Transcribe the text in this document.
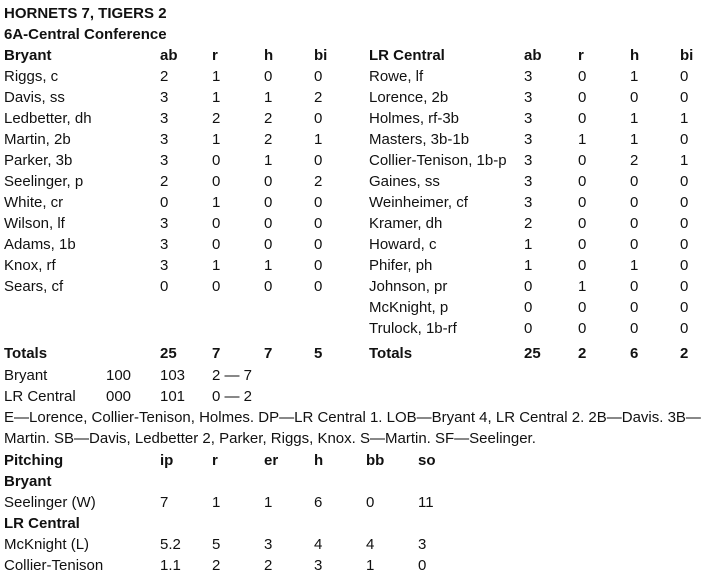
HORNETS 7, TIGERS 2
6A-Central Conference
Bryant	ab r	h	bi	LR Central	ab r	h	bi
Riggs, c	2	1	0	0
Davis, ss	3	1	1	2
Ledbetter, dh	3	2	2	0
Martin, 2b	3	1	2	1
Parker, 3b	3	0	1	0
Seelinger, p	2	0	0	2
White, cr	0	1	0	0
Wilson, lf	3	0	0	0
Adams, 1b	3	0	0	0
Knox, rf	3	1	1	0
Sears, cf	0	0	0	0
Rowe, lf	3	0	1	0
Lorence, 2b	3	0	0	0
Holmes, rf-3b	3	0	1	1
Masters, 3b-1b	3	1	1	0
Collier-Tenison, 1b-p 3	0	2	1
Gaines, ss	3	0	0	0
Weinheimer, cf	3	0	0	0
Kramer, dh	2	0	0	0
Howard, c	1	0	0	0
Phifer, ph	1	0	1	0
Johnson, pr	0	1	0	0
McKnight, p	0	0	0	0
Trulock, 1b-rf	0	0	0	0
Totals	25 7	7	5	Totals	25 2	6	2
Bryant	100 103 2 — 7
LR Central 000 101 0 — 2
E—Lorence, Collier-Tenison, Holmes. DP—LR Central 1. LOB—Bryant 4, LR Central 2. 2B—Davis. 3B—
Martin. SB—Davis, Ledbetter 2, Parker, Riggs, Knox. S—Martin. SF—Seelinger.
Pitching	ip	r	er h	bb so
Bryant
Seelinger (W)	7	1	1	6	0	11
LR Central
McKnight (L)	5.2 5	3	4	4	3
Collier-Tenison	1.1 2	2	3	1	0
